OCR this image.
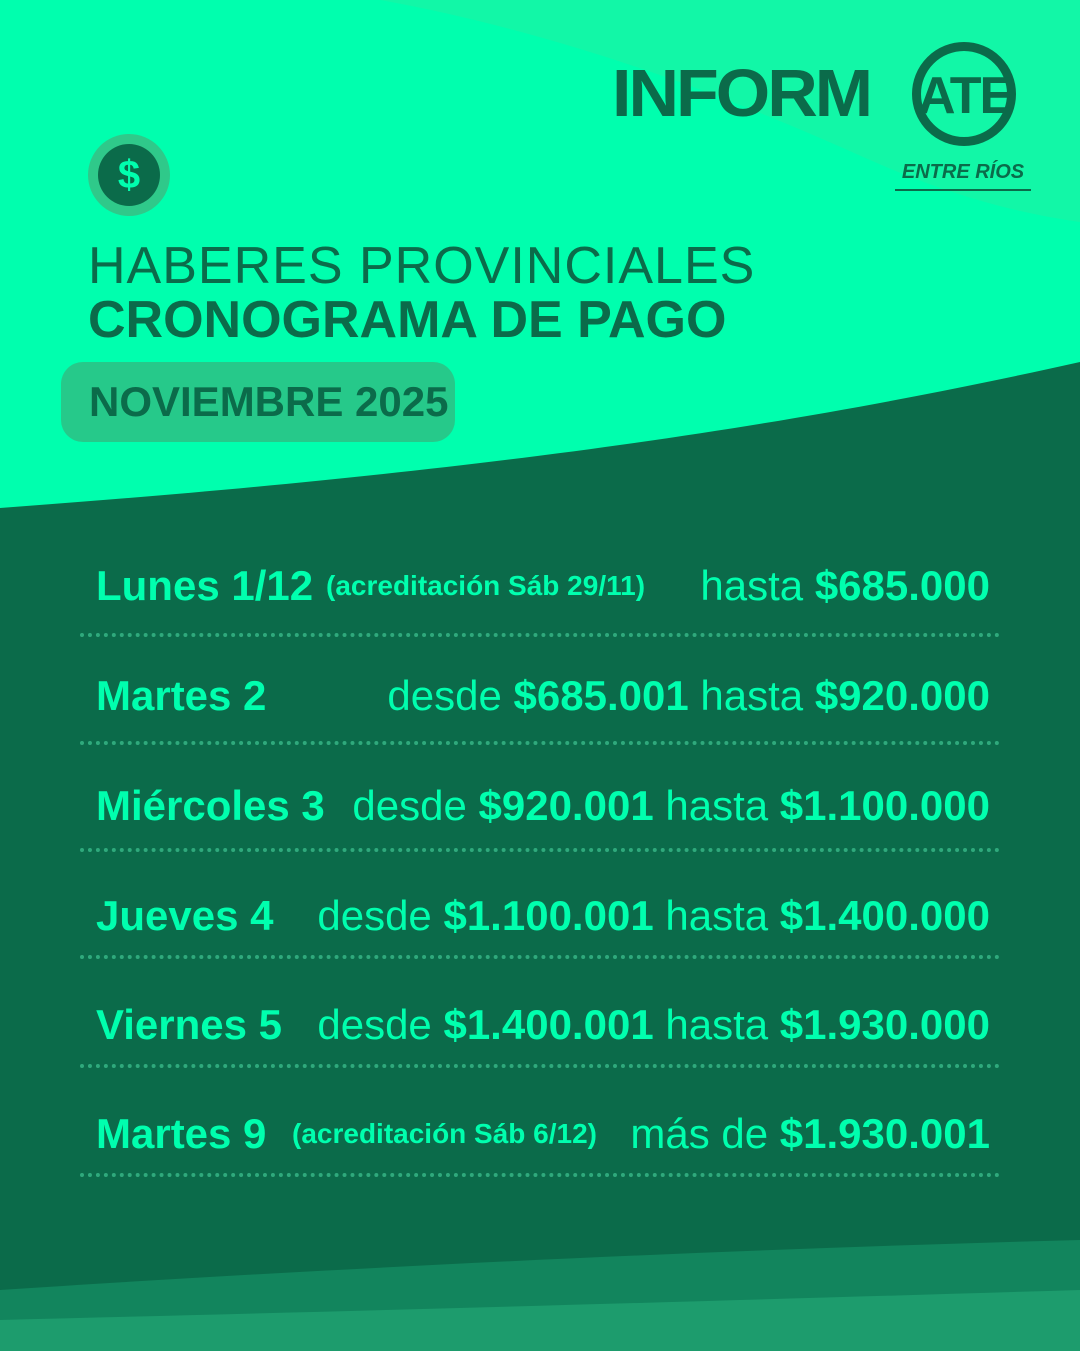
INFORM ATE
ENTRE RÍOS
$
HABERES PROVINCIALES
CRONOGRAMA DE PAGO
NOVIEMBRE 2025
Lunes 1/12 (acreditación Sáb 29/11) hasta $685.000
Martes 2	desde $685.001 hasta $920.000
Miércoles 3 desde $920.001 hasta $1.100.000
Jueves 4 desde $1.100.001 hasta $1.400.000
Viernes 5 desde $1.400.001 hasta $1.930.000
Martes 9 (acreditación Sáb 6/12) más de $1.930.001
